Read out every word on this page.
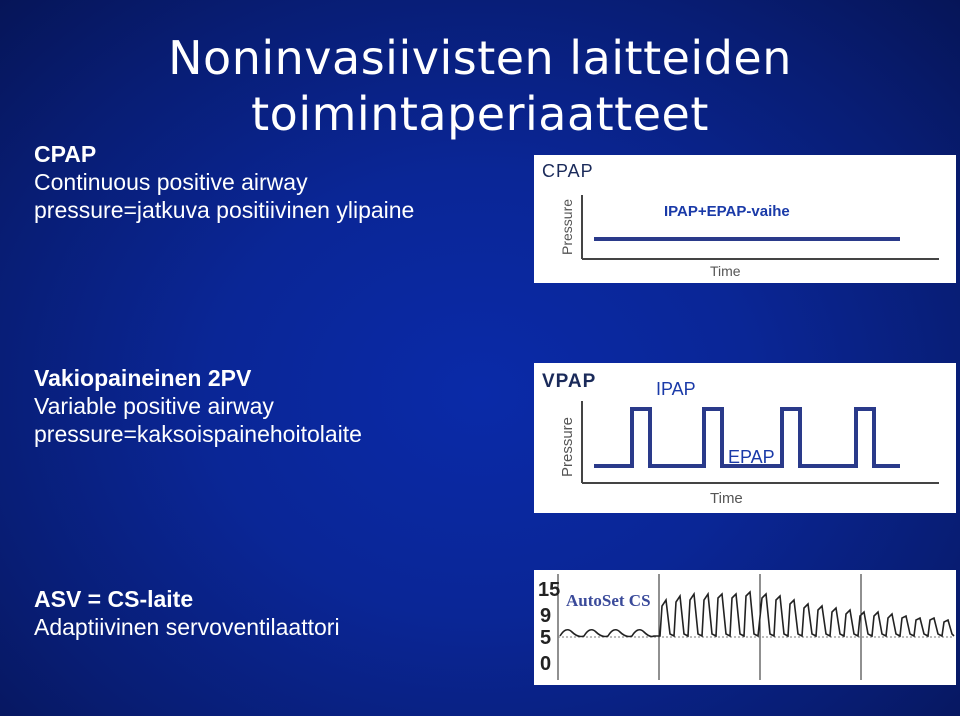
Noninvasiivisten laitteiden
toimintaperiaatteet
CPAP
Continuous positive airway
pressure=jatkuva positiivinen ylipaine
Vakiopaineinen 2PV
Variable positive airway
pressure=kaksoispainehoitolaite
ASV = CS-laite
Adaptiivinen servoventilaattori
CPAP
Pressure	IPAP+EPAP-vaihe
Time
VPAP
Pressure
IPAP
EPAP
Time
15
9
5
0
AutoSet CS
